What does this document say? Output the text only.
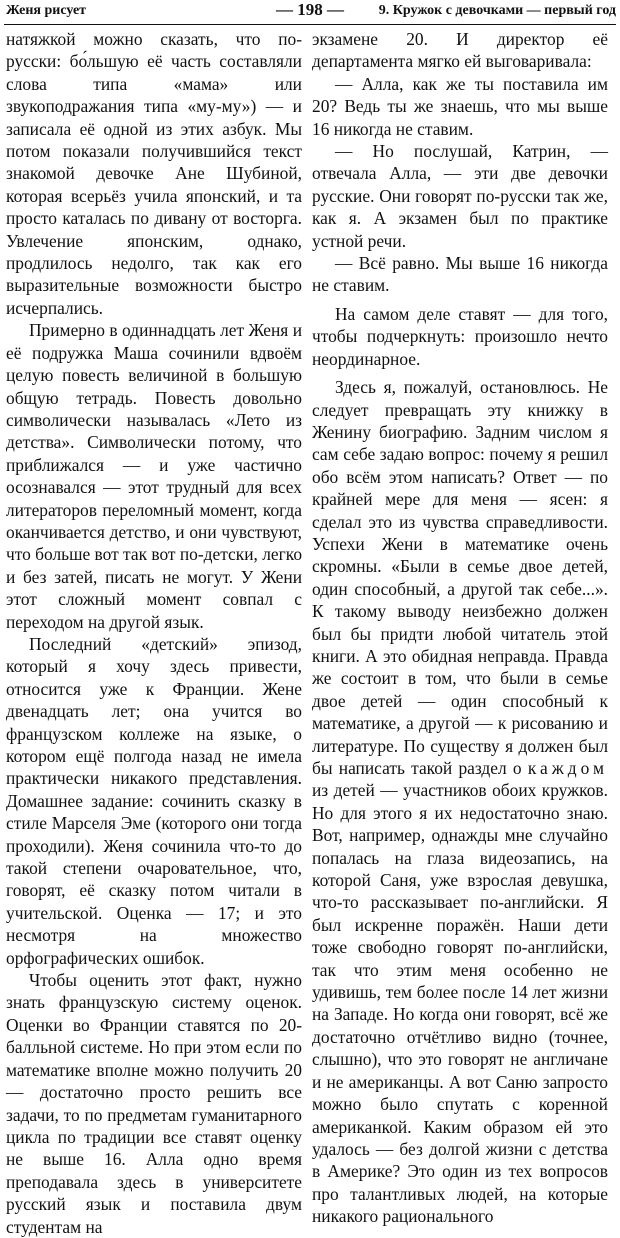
Женя рисует	— 198 —	9. Кружок с девочками — первый год

натяжкой можно сказать, что по-русски: бо́льшую её часть составляли слова типа «мама» или звукоподражания типа «му-му») — и записала её одной из этих азбук. Мы потом показали получившийся текст знакомой девочке Ане Шубиной, которая всерьёз учила японский, и та просто каталась по дивану от восторга. Увлечение японским, однако, продлилось недолго, так как его выразительные возможности быстро исчерпались.

Примерно в одиннадцать лет Женя и её подружка Маша сочинили вдвоём целую повесть величиной в большую общую тетрадь. Повесть довольно символически называлась «Лето из детства». Символически потому, что приближался — и уже частично осознавался — этот трудный для всех литераторов переломный момент, когда оканчивается детство, и они чувствуют, что больше вот так вот по-детски, легко и без затей, писать не могут. У Жени этот сложный момент совпал с переходом на другой язык.

Последний «детский» эпизод, который я хочу здесь привести, относится уже к Франции. Жене двенадцать лет; она учится во французском коллеже на языке, о котором ещё полгода назад не имела практически никакого представления. Домашнее задание: сочинить сказку в стиле Марселя Эме (которого они тогда проходили). Женя сочинила что-то до такой степени очаровательное, что, говорят, её сказку потом читали в учительской. Оценка — 17; и это несмотря на множество орфографических ошибок.

Чтобы оценить этот факт, нужно знать французскую систему оценок. Оценки во Франции ставятся по 20-балльной системе. Но при этом если по математике вполне можно получить 20 — достаточно просто решить все задачи, то по предметам гуманитарного цикла по традиции все ставят оценку не выше 16. Алла одно время преподавала здесь в университете русский язык и поставила двум студентам на

экзамене 20. И директор её департамента мягко ей выговаривала:

— Алла, как же ты поставила им 20? Ведь ты же знаешь, что мы выше 16 никогда не ставим.

— Но послушай, Катрин, — отвечала Алла, — эти две девочки русские. Они говорят по-русски так же, как я. А экзамен был по практике устной речи.

— Всё равно. Мы выше 16 никогда не ставим.

На самом деле ставят — для того, чтобы подчеркнуть: произошло нечто неординарное.

Здесь я, пожалуй, остановлюсь. Не следует превращать эту книжку в Женину биографию. Задним числом я сам себе задаю вопрос: почему я решил обо всём этом написать? Ответ — по крайней мере для меня — ясен: я сделал это из чувства справедливости. Успехи Жени в математике очень скромны. «Были в семье двое детей, один способный, а другой так себе...». К такому выводу неизбежно должен был бы придти любой читатель этой книги. А это обидная неправда. Правда же состоит в том, что были в семье двое детей — один способный к математике, а другой — к рисованию и литературе. По существу я должен был бы написать такой раздел о каждом из детей — участников обоих кружков. Но для этого я их недостаточно знаю. Вот, например, однажды мне случайно попалась на глаза видеозапись, на которой Саня, уже взрослая девушка, что-то рассказывает по-английски. Я был искренне поражён. Наши дети тоже свободно говорят по-английски, так что этим меня особенно не удивишь, тем более после 14 лет жизни на Западе. Но когда они говорят, всё же достаточно отчётливо видно (точнее, слышно), что это говорят не англичане и не американцы. А вот Саню запросто можно было спутать с коренной американкой. Каким образом ей это удалось — без долгой жизни с детства в Америке? Это один из тех вопросов про талантливых людей, на которые никакого рациональнoго
